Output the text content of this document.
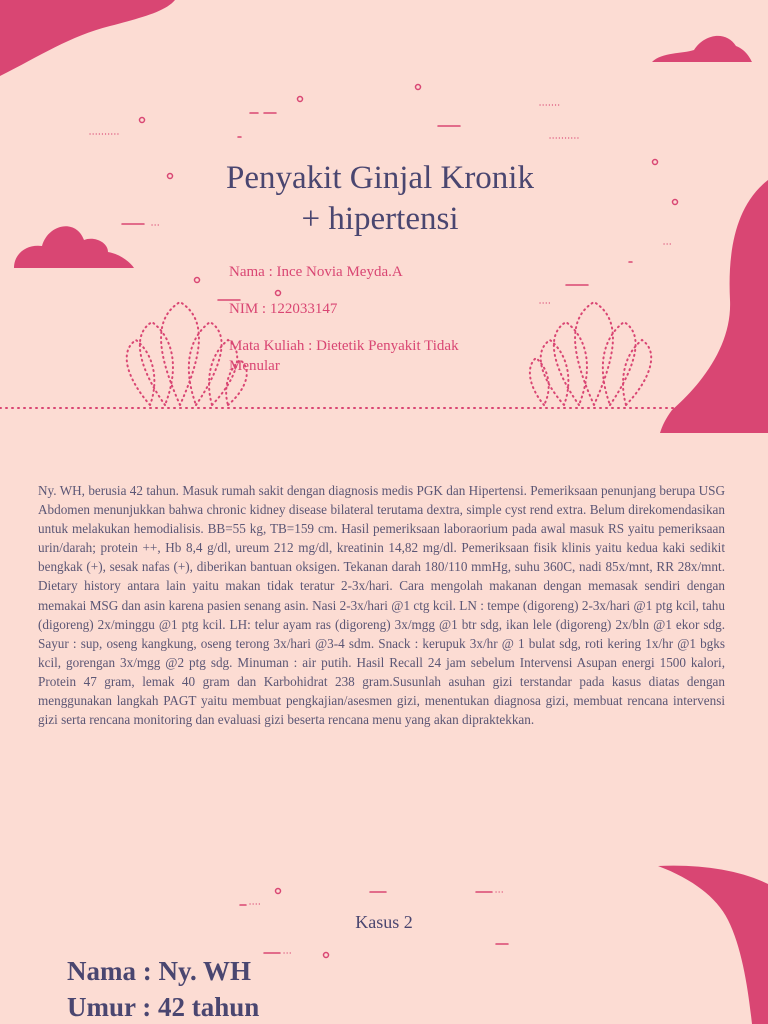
Penyakit Ginjal Kronik
+ hipertensi
Nama : Ince Novia Meyda.A
NIM : 122033147
Mata Kuliah : Dietetik Penyakit Tidak
Menular
Ny. WH, berusia 42 tahun. Masuk rumah sakit dengan diagnosis medis PGK dan Hipertensi. Pemeriksaan penunjang berupa USG Abdomen menunjukkan bahwa chronic kidney disease bilateral terutama dextra, simple cyst rend extra. Belum direkomendasikan untuk melakukan hemodialisis. BB=55 kg, TB=159 cm. Hasil pemeriksaan laboraorium pada awal masuk RS yaitu pemeriksaan urin/darah; protein ++, Hb 8,4 g/dl, ureum 212 mg/dl, kreatinin 14,82 mg/dl. Pemeriksaan fisik klinis yaitu kedua kaki sedikit bengkak (+), sesak nafas (+), diberikan bantuan oksigen. Tekanan darah 180/110 mmHg, suhu 360C, nadi 85x/mnt, RR 28x/mnt. Dietary history antara lain yaitu makan tidak teratur 2-3x/hari. Cara mengolah makanan dengan memasak sendiri dengan memakai MSG dan asin karena pasien senang asin. Nasi 2-3x/hari @1 ctg kcil. LN : tempe (digoreng) 2-3x/hari @1 ptg kcil, tahu (digoreng) 2x/minggu @1 ptg kcil. LH: telur ayam ras (digoreng) 3x/mgg @1 btr sdg, ikan lele (digoreng) 2x/bln @1 ekor sdg. Sayur : sup, oseng kangkung, oseng terong 3x/hari @3-4 sdm. Snack : kerupuk 3x/hr @ 1 bulat sdg, roti kering 1x/hr @1 bgks kcil, gorengan 3x/mgg @2 ptg sdg. Minuman : air putih. Hasil Recall 24 jam sebelum Intervensi Asupan energi 1500 kalori, Protein 47 gram, lemak 40 gram dan Karbohidrat 238 gram.Susunlah asuhan gizi terstandar pada kasus diatas dengan menggunakan langkah PAGT yaitu membuat pengkajian/asesmen gizi, menentukan diagnosa gizi, membuat rencana intervensi gizi serta rencana monitoring dan evaluasi gizi beserta rencana menu yang akan dipraktekkan.
Kasus 2
Nama : Ny. WH
Umur : 42 tahun
